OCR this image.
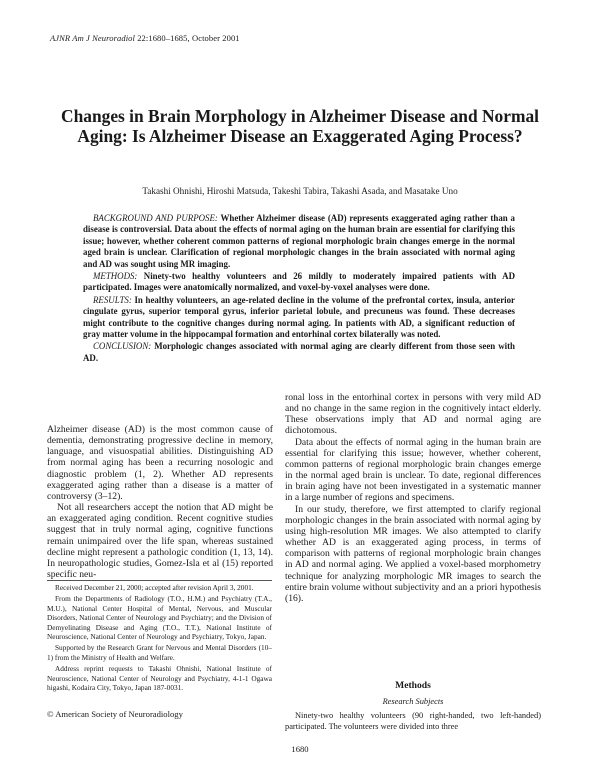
AJNR Am J Neuroradiol 22:1680–1685, October 2001
Changes in Brain Morphology in Alzheimer Disease and Normal Aging: Is Alzheimer Disease an Exaggerated Aging Process?
Takashi Ohnishi, Hiroshi Matsuda, Takeshi Tabira, Takashi Asada, and Masatake Uno

BACKGROUND AND PURPOSE: Whether Alzheimer disease (AD) represents exaggerated aging rather than a disease is controversial. Data about the effects of normal aging on the human brain are essential for clarifying this issue; however, whether coherent common patterns of regional morphologic brain changes emerge in the normal aged brain is unclear. Clarification of regional morphologic changes in the brain associated with normal aging and AD was sought using MR imaging.

METHODS: Ninety-two healthy volunteers and 26 mildly to moderately impaired patients with AD participated. Images were anatomically normalized, and voxel-by-voxel analyses were done.

RESULTS: In healthy volunteers, an age-related decline in the volume of the prefrontal cortex, insula, anterior cingulate gyrus, superior temporal gyrus, inferior parietal lobule, and precuneus was found. These decreases might contribute to the cognitive changes during normal aging. In patients with AD, a significant reduction of gray matter volume in the hippocampal formation and entorhinal cortex bilaterally was noted.

CONCLUSION: Morphologic changes associated with normal aging are clearly different from those seen with AD.

Alzheimer disease (AD) is the most common cause of dementia, demonstrating progressive decline in memory, language, and visuospatial abilities. Distinguishing AD from normal aging has been a recurring nosologic and diagnostic problem (1, 2). Whether AD represents exaggerated aging rather than a disease is a matter of controversy (3–12).

Not all researchers accept the notion that AD might be an exaggerated aging condition. Recent cognitive studies suggest that in truly normal aging, cognitive functions remain unimpaired over the life span, whereas sustained decline might represent a pathologic condition (1, 13, 14). In neuropathologic studies, Gomez-Isla et al (15) reported specific neu-

Received December 21, 2000; accepted after revision April 3, 2001.

From the Departments of Radiology (T.O., H.M.) and Psychiatry (T.A., M.U.), National Center Hospital of Mental, Nervous, and Muscular Disorders, National Center of Neurology and Psychiatry; and the Division of Demyelinating Disease and Aging (T.O., T.T.), National Institute of Neuroscience, National Center of Neurology and Psychiatry, Tokyo, Japan.

Supported by the Research Grant for Nervous and Mental Disorders (10–1) from the Ministry of Health and Welfare.

Address reprint requests to Takashi Ohnishi, National Institute of Neuroscience, National Center of Neurology and Psychiatry, 4-1-1 Ogawa higashi, Kodaira City, Tokyo, Japan 187-0031.

© American Society of Neuroradiology

ronal loss in the entorhinal cortex in persons with very mild AD and no change in the same region in the cognitively intact elderly. These observations imply that AD and normal aging are dichotomous.

Data about the effects of normal aging in the human brain are essential for clarifying this issue; however, whether coherent, common patterns of regional morphologic brain changes emerge in the normal aged brain is unclear. To date, regional differences in brain aging have not been investigated in a systematic manner in a large number of regions and specimens.

In our study, therefore, we first attempted to clarify regional morphologic changes in the brain associated with normal aging by using high-resolution MR images. We also attempted to clarify whether AD is an exaggerated aging process, in terms of comparison with patterns of regional morphologic brain changes in AD and normal aging. We applied a voxel-based morphometry technique for analyzing morphologic MR images to search the entire brain volume without subjectivity and an a priori hypothesis (16).

Methods
Research Subjects
Ninety-two healthy volunteers (90 right-handed, two left-handed) participated. The volunteers were divided into three
1680
